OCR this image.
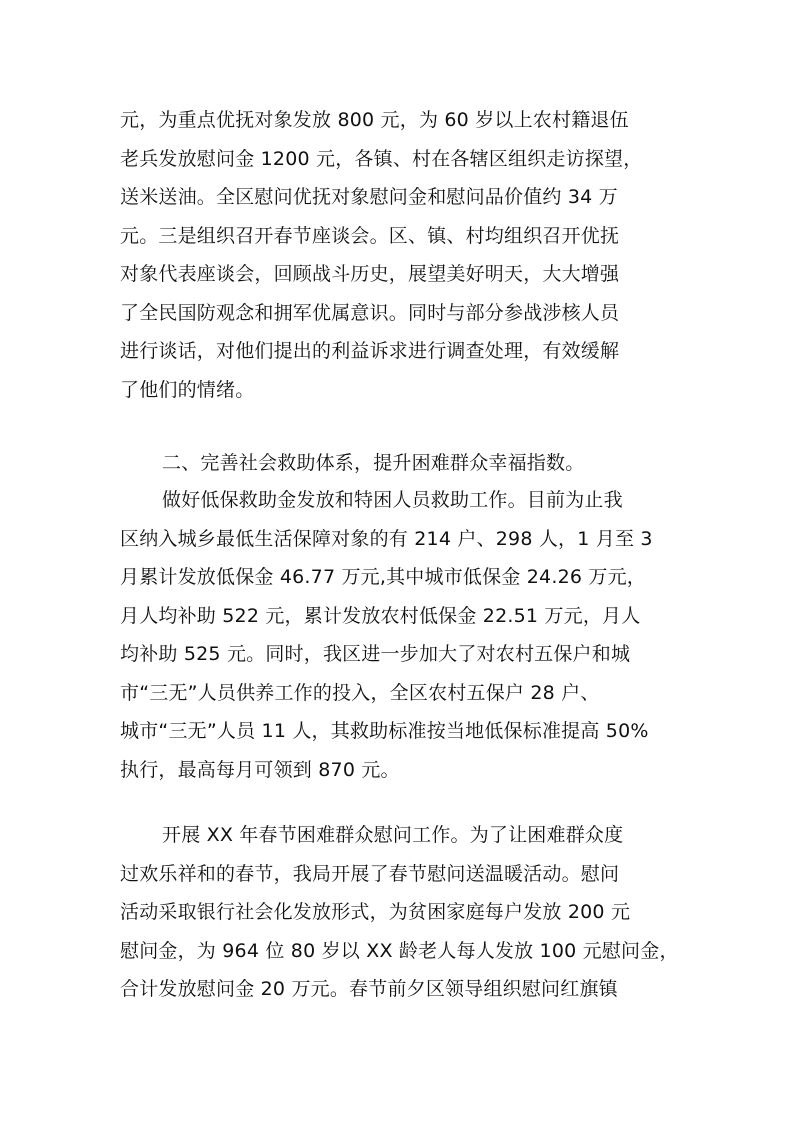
元，为重点优抚对象发放 800 元，为 60 岁以上农村籍退伍
老兵发放慰问金 1200 元，各镇、村在各辖区组织走访探望，
送米送油。全区慰问优抚对象慰问金和慰问品价值约 34 万
元。三是组织召开春节座谈会。区、镇、村均组织召开优抚
对象代表座谈会，回顾战斗历史，展望美好明天，大大增强
了全民国防观念和拥军优属意识。同时与部分参战涉核人员
进行谈话，对他们提出的利益诉求进行调查处理，有效缓解
了他们的情绪。
二、完善社会救助体系，提升困难群众幸福指数。
做好低保救助金发放和特困人员救助工作。目前为止我
区纳入城乡最低生活保障对象的有 214 户、298 人，1 月至 3
月累计发放低保金 46.77 万元,其中城市低保金 24.26 万元，
月人均补助 522 元，累计发放农村低保金 22.51 万元，月人
均补助 525 元。同时，我区进一步加大了对农村五保户和城
市“三无”人员供养工作的投入，全区农村五保户 28 户、
城市“三无”人员 11 人，其救助标准按当地低保标准提高 50%
执行，最高每月可领到 870 元。
开展 XX 年春节困难群众慰问工作。为了让困难群众度
过欢乐祥和的春节，我局开展了春节慰问送温暖活动。慰问
活动采取银行社会化发放形式，为贫困家庭每户发放 200 元
慰问金，为 964 位 80 岁以 XX 龄老人每人发放 100 元慰问金，
合计发放慰问金 20 万元。春节前夕区领导组织慰问红旗镇
